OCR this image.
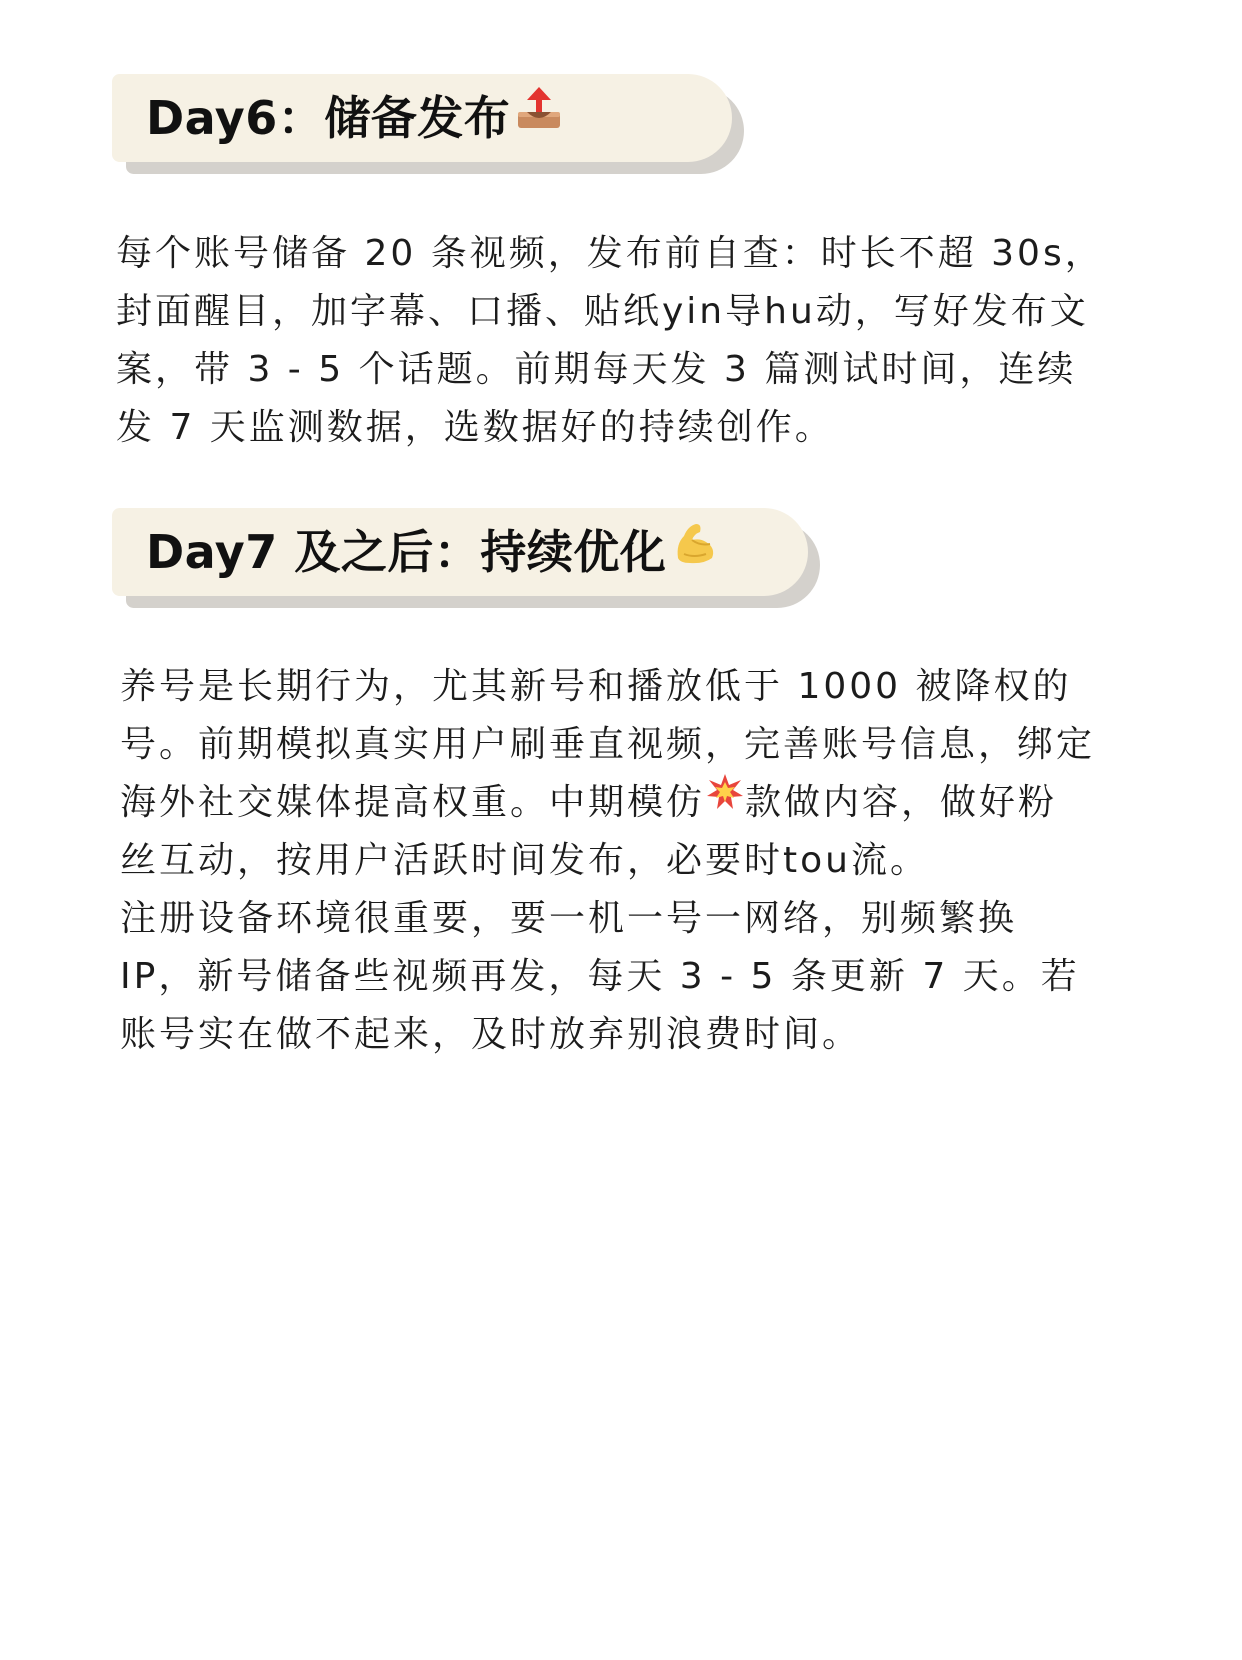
Day6：储备发布
每个账号储备 20 条视频，发布前自查：时长不超 30s，
封面醒目，加字幕、口播、贴纸yin导hu动，写好发布文
案，带 3 - 5 个话题。前期每天发 3 篇测试时间，连续
发 7 天监测数据，选数据好的持续创作。
Day7 及之后：持续优化
养号是长期行为，尤其新号和播放低于 1000 被降权的
号。前期模拟真实用户刷垂直视频，完善账号信息，绑定
海外社交媒体提高权重。中期模仿 款做内容，做好粉
丝互动，按用户活跃时间发布，必要时tou流。
注册设备环境很重要，要一机一号一网络，别频繁换
IP，新号储备些视频再发，每天 3 - 5 条更新 7 天。若
账号实在做不起来，及时放弃别浪费时间。
